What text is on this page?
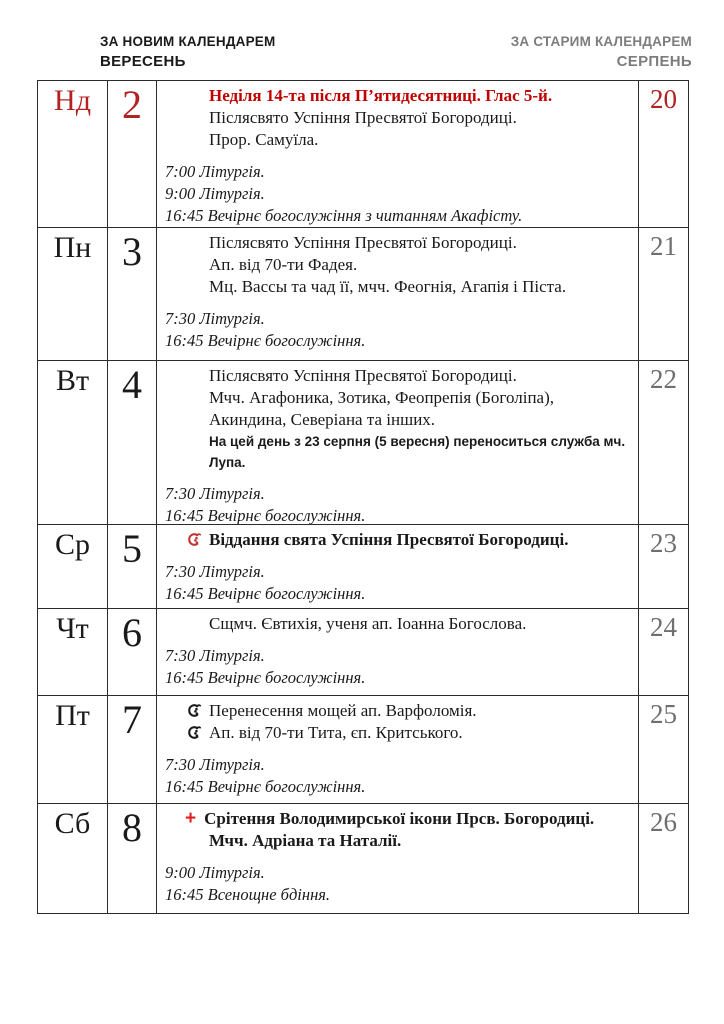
ЗА НОВИМ КАЛЕНДАРЕМ
ВЕРЕСЕНЬ
ЗА СТАРИМ КАЛЕНДАРЕМ
СЕРПЕНЬ
Нд 2	Неділя 14-та після П’ятидесятниці. Глас 5-й.
Післясвято Успіння Пресвятої Богородиці.
Прор. Самуїла.
7:00 Літургія.
9:00 Літургія.
16:45 Вечірнє богослужіння з читанням Акафісту.
20
Пн 3	Післясвято Успіння Пресвятої Богородиці.
Ап. від 70-ти Фадея.
Мц. Вассы та чад її, мчч. Феогнія, Агапія і Піста.
7:30 Літургія.
16:45 Вечірнє богослужіння.
21
Вт 4	Післясвято Успіння Пресвятої Богородиці.
Мчч. Агафоника, Зотика, Феопрепія (Боголіпа),
Акиндина, Северіана та інших.
На цей день з 23 серпня (5 вересня) переноситься служба мч. Лупа.
7:30 Літургія.
16:45 Вечірнє богослужіння.
22
Ср 5	Віддання свята Успіння Пресвятої Богородиці.
7:30 Літургія.
16:45 Вечірнє богослужіння.
23
Чт 6	Сщмч. Євтихія, ученя ап. Іоанна Богослова.
7:30 Літургія.
16:45 Вечірнє богослужіння.
24
Пт 7	Перенесення мощей ап. Варфоломія.
Ап. від 70-ти Тита, єп. Критського.
7:30 Літургія.
16:45 Вечірнє богослужіння.
25
Сб 8	+ Срітення Володимирської ікони Прсв. Богородиці.
Мчч. Адріана та Наталії.
9:00 Літургія.
16:45 Всенощне бдіння.
26
